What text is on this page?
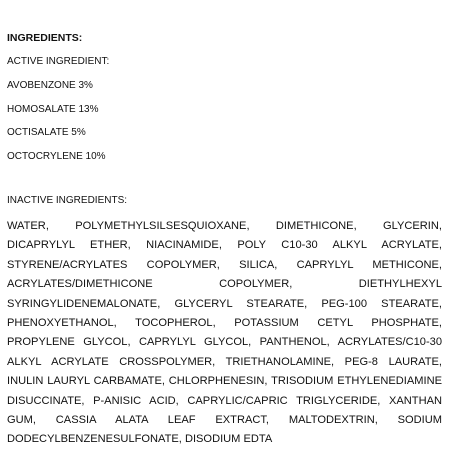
INGREDIENTS:
ACTIVE INGREDIENT:
AVOBENZONE 3%
HOMOSALATE 13%
OCTISALATE 5%
OCTOCRYLENE 10%
INACTIVE INGREDIENTS:

WATER, POLYMETHYLSILSESQUIOXANE, DIMETHICONE, GLYCERIN, DICAPRYLYL ETHER, NIACINAMIDE, POLY C10-30 ALKYL ACRYLATE, STYRENE/ACRYLATES COPOLYMER, SILICA, CAPRYLYL METHICONE, ACRYLATES/DIMETHICONE COPOLYMER, DIETHYLHEXYL SYRINGYLIDENEMALONATE, GLYCERYL STEARATE, PEG-100 STEARATE, PHENOXYETHANOL, TOCOPHEROL, POTASSIUM CETYL PHOSPHATE, PROPYLENE GLYCOL, CAPRYLYL GLYCOL, PANTHENOL, ACRYLATES/C10-30 ALKYL ACRYLATE CROSSPOLYMER, TRIETHANOLAMINE, PEG-8 LAURATE, INULIN LAURYL CARBAMATE, CHLORPHENESIN, TRISODIUM ETHYLENEDIAMINE DISUCCINATE, P-ANISIC ACID, CAPRYLIC/CAPRIC TRIGLYCERIDE, XANTHAN GUM, CASSIA ALATA LEAF EXTRACT, MALTODEXTRIN, SODIUM DODECYLBENZENESULFONATE, DISODIUM EDTA
